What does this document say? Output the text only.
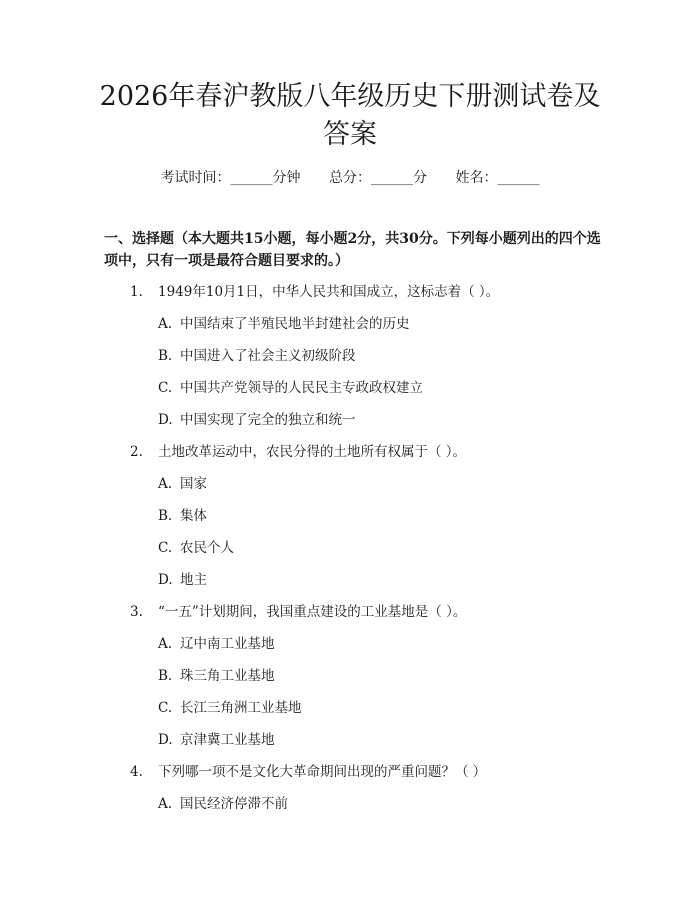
2026年春沪教版八年级历史下册测试卷及答案
考试时间：______分钟 总分：______分 姓名：______

一、选择题（本大题共15小题，每小题2分，共30分。下列每小题列出的四个选项中，只有一项是最符合题目要求的。）

1. 1949年10月1日，中华人民共和国成立，这标志着（ ）。
A. 中国结束了半殖民地半封建社会的历史
B. 中国进入了社会主义初级阶段
C. 中国共产党领导的人民民主专政政权建立
D. 中国实现了完全的独立和统一
2. 土地改革运动中，农民分得的土地所有权属于（ ）。
A. 国家
B. 集体
C. 农民个人
D. 地主
3. “一五”计划期间，我国重点建设的工业基地是（ ）。
A. 辽中南工业基地
B. 珠三角工业基地
C. 长江三角洲工业基地
D. 京津冀工业基地
4. 下列哪一项不是文化大革命期间出现的严重问题？（ ）
A. 国民经济停滞不前
